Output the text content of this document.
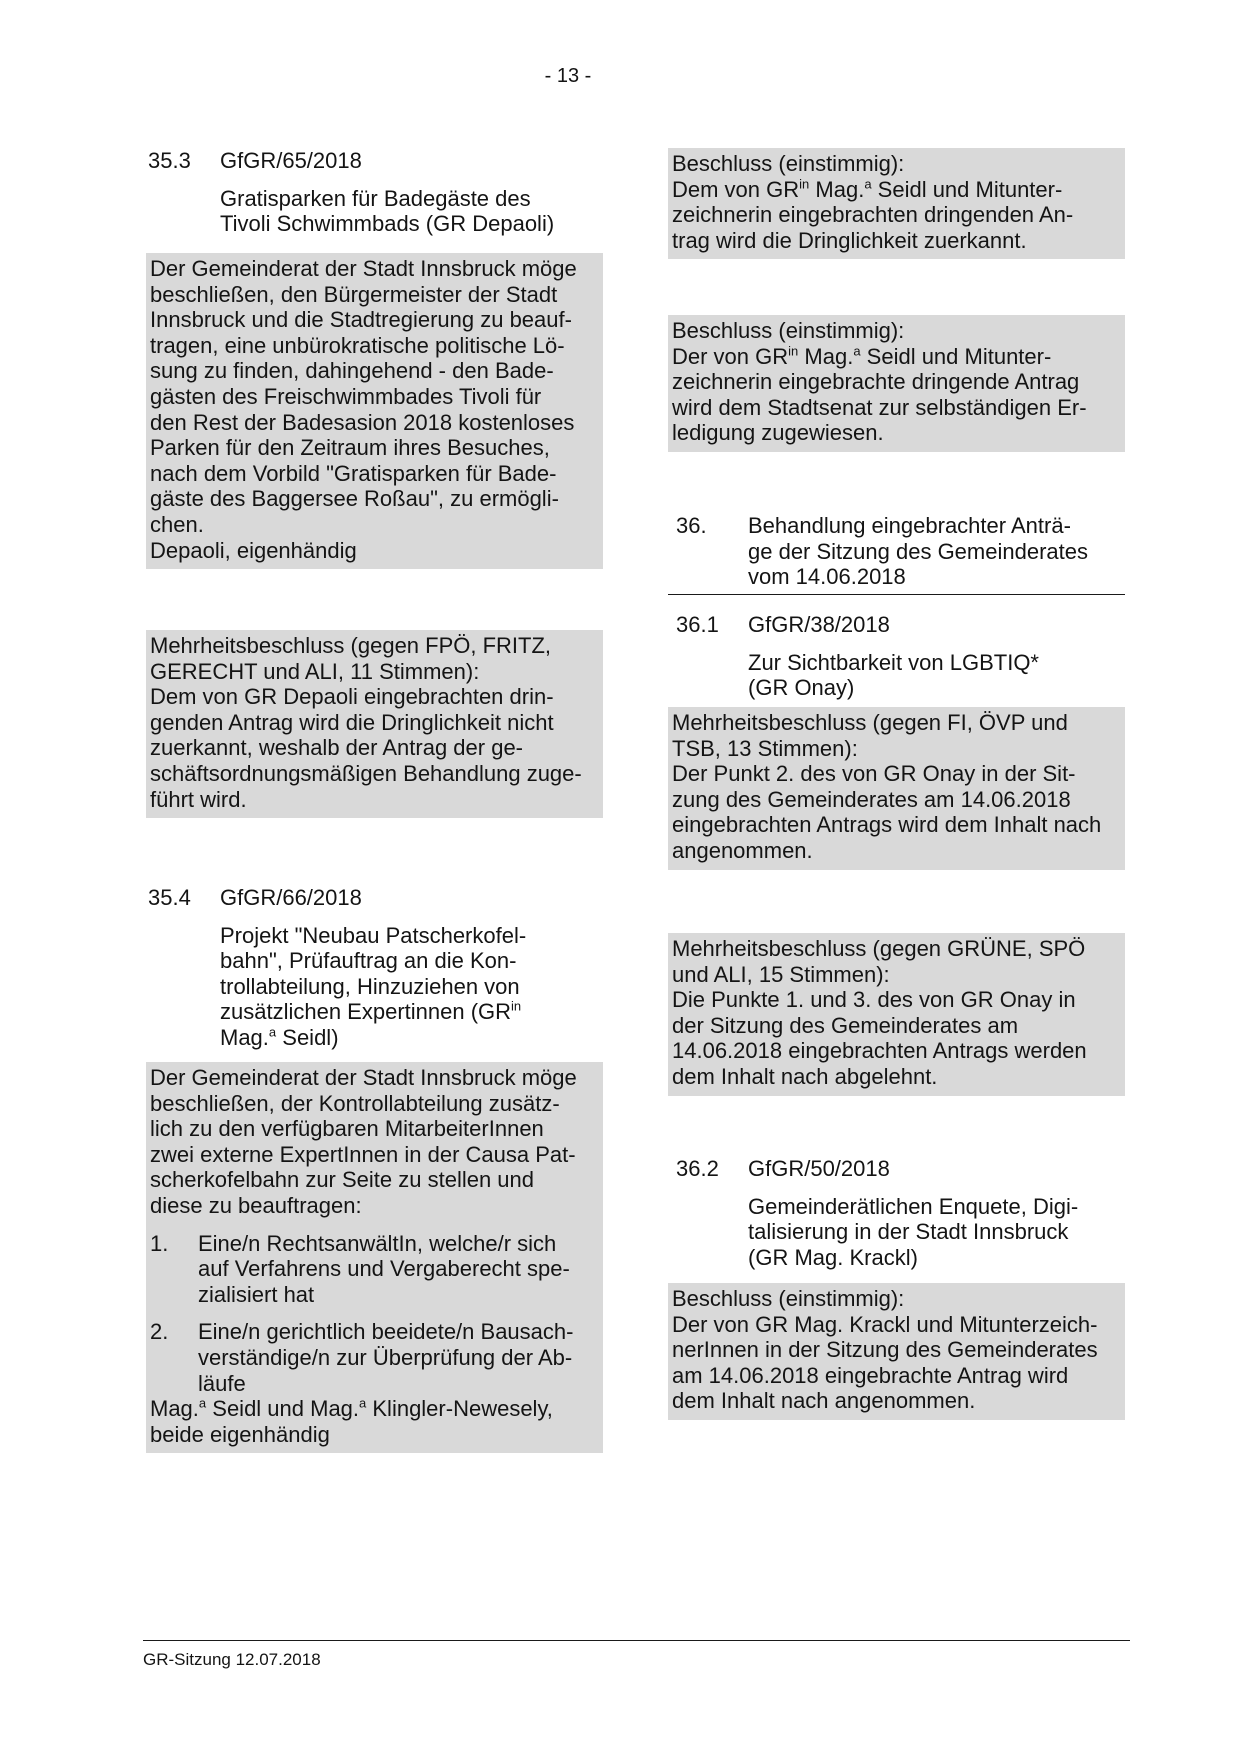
- 13 -
35.3 GfGR/65/2018
Gratisparken für Badegäste des
Tivoli Schwimmbads (GR Depaoli)

Der Gemeinderat der Stadt Innsbruck möge
beschließen, den Bürgermeister der Stadt
Innsbruck und die Stadtregierung zu beauf-
tragen, eine unbürokratische politische Lö-
sung zu finden, dahingehend - den Bade-
gästen des Freischwimmbades Tivoli für
den Rest der Badesasion 2018 kostenloses
Parken für den Zeitraum ihres Besuches,
nach dem Vorbild "Gratisparken für Bade-
gäste des Baggersee Roßau", zu ermögli-
chen.

Depaoli, eigenhändig

Mehrheitsbeschluss (gegen FPÖ, FRITZ,
GERECHT und ALI, 11 Stimmen):

Dem von GR Depaoli eingebrachten drin-
genden Antrag wird die Dringlichkeit nicht
zuerkannt, weshalb der Antrag der ge-
schäftsordnungsmäßigen Behandlung zuge-
führt wird.

35.4 GfGR/66/2018
Projekt "Neubau Patscherkofel-
bahn", Prüfauftrag an die Kon-
trollabteilung, Hinzuziehen von
zusätzlichen Expertinnen ($GR^{in}$
Mag.$^a$ Seidl)

Der Gemeinderat der Stadt Innsbruck möge
beschließen, der Kontrollabteilung zusätz-
lich zu den verfügbaren MitarbeiterInnen
zwei externe ExpertInnen in der Causa Pat-
scherkofelbahn zur Seite zu stellen und
diese zu beauftragen:

1.	Eine/n RechtsanwältIn, welche/r sich
auf Verfahrens und Vergaberecht spe-
zialisiert hat
2.	Eine/n gerichtlich beeidete/n Bausach-
verständige/n zur Überprüfung der Ab-
läufe

Mag.$^a$ Seidl und Mag.$^a$ Klingler-Newesely,
beide eigenhändig

Beschluss (einstimmig):

Dem von $GR^{in}$ Mag.$^a$ Seidl und Mitunter-
zeichnerin eingebrachten dringenden An-
trag wird die Dringlichkeit zuerkannt.

Beschluss (einstimmig):

Der von $GR^{in}$ Mag.$^a$ Seidl und Mitunter-
zeichnerin eingebrachte dringende Antrag
wird dem Stadtsenat zur selbständigen Er-
ledigung zugewiesen.

36.	Behandlung eingebrachter Anträ-
ge der Sitzung des Gemeinderates
vom 14.06.2018
36.1 GfGR/38/2018
Zur Sichtbarkeit von LGBTIQ*
(GR Onay)

Mehrheitsbeschluss (gegen FI, ÖVP und
TSB, 13 Stimmen):

Der Punkt 2. des von GR Onay in der Sit-
zung des Gemeinderates am 14.06.2018
eingebrachten Antrags wird dem Inhalt nach
angenommen.

Mehrheitsbeschluss (gegen GRÜNE, SPÖ
und ALI, 15 Stimmen):

Die Punkte 1. und 3. des von GR Onay in
der Sitzung des Gemeinderates am
14.06.2018 eingebrachten Antrags werden
dem Inhalt nach abgelehnt.

36.2 GfGR/50/2018
Gemeinderätlichen Enquete, Digi-
talisierung in der Stadt Innsbruck
(GR Mag. Krackl)

Beschluss (einstimmig):

Der von GR Mag. Krackl und Mitunterzeich-
nerInnen in der Sitzung des Gemeinderates
am 14.06.2018 eingebrachte Antrag wird
dem Inhalt nach angenommen.

GR-Sitzung 12.07.2018
